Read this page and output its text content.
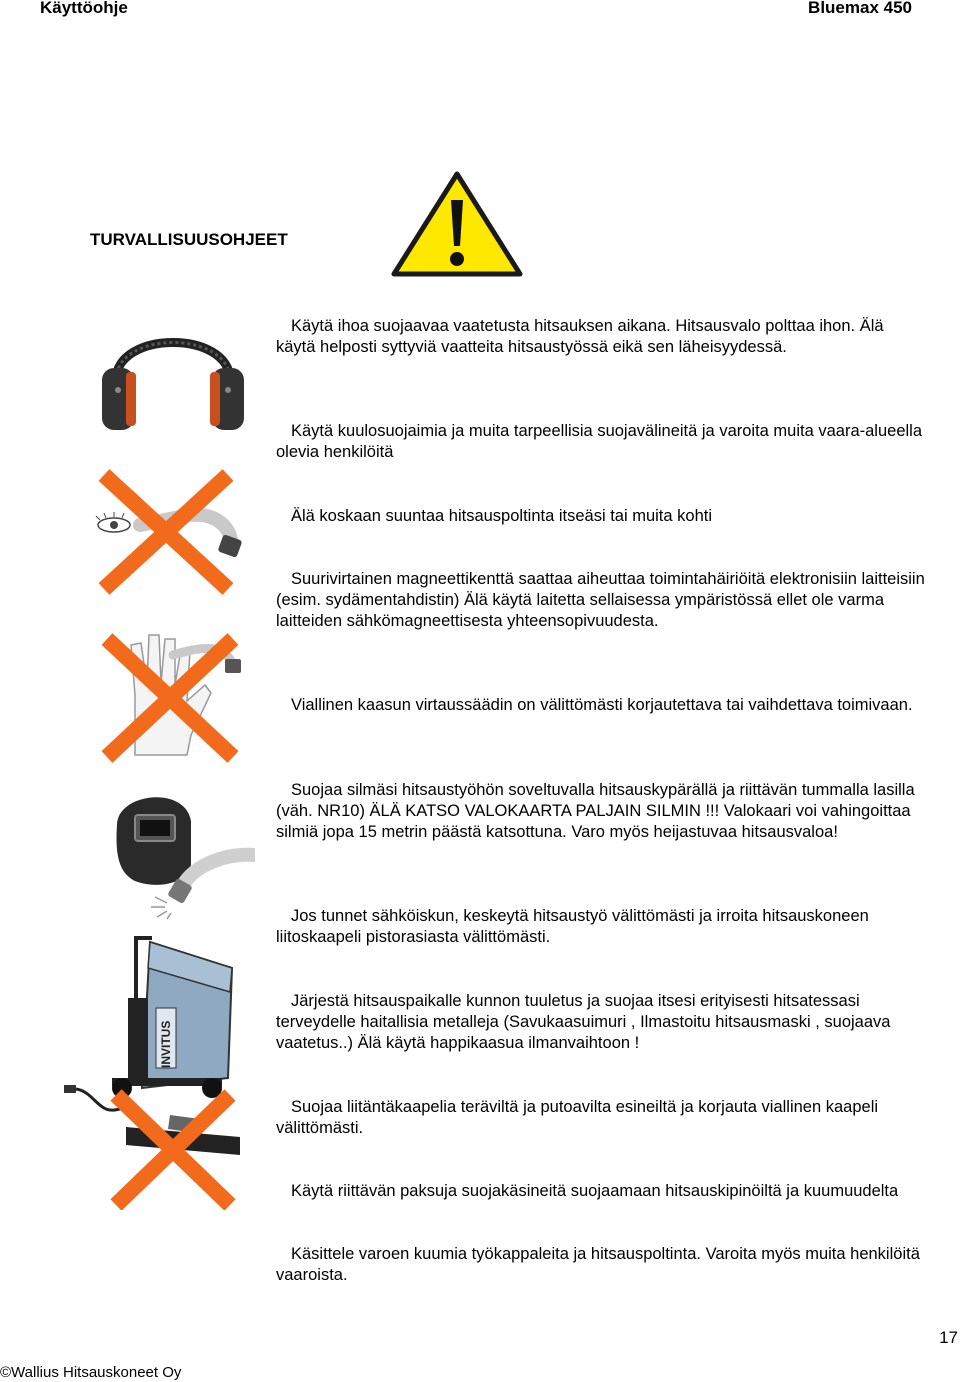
Käyttöohje	Bluemax 450
TURVALLISUUSOHJEET
INVITUS
Käytä ihoa suojaavaa vaatetusta hitsauksen aikana. Hitsausvalo polttaa ihon. Älä käytä helposti syttyviä vaatteita hitsaustyössä eikä sen läheisyydessä.
Käytä kuulosuojaimia ja muita tarpeellisia suojavälineitä ja varoita muita vaara-alueella olevia henkilöitä
Älä koskaan suuntaa hitsauspoltinta itseäsi tai muita kohti
Suurivirtainen magneettikenttä saattaa aiheuttaa toimintahäiriöitä elektronisiin laitteisiin (esim. sydämentahdistin) Älä käytä laitetta sellaisessa ympäristössä ellet ole varma laitteiden sähkömagneettisesta yhteensopivuudesta.
Viallinen kaasun virtaussäädin on välittömästi korjautettava tai vaihdettava toimivaan.
Suojaa silmäsi hitsaustyöhön soveltuvalla hitsauskypärällä ja riittävän tummalla lasilla (väh. NR10) ÄLÄ KATSO VALOKAARTA PALJAIN SILMIN !!! Valokaari voi vahingoittaa silmiä jopa 15 metrin päästä katsottuna. Varo myös heijastuvaa hitsausvaloa!
Jos tunnet sähköiskun, keskeytä hitsaustyö välittömästi ja irroita hitsauskoneen liitoskaapeli pistorasiasta välittömästi.
Järjestä hitsauspaikalle kunnon tuuletus ja suojaa itsesi erityisesti hitsatessasi terveydelle haitallisia metalleja (Savukaasuimuri , Ilmastoitu hitsausmaski , suojaava vaatetus..) Älä käytä happikaasua ilmanvaihtoon !
Suojaa liitäntäkaapelia teräviltä ja putoavilta esineiltä ja korjauta viallinen kaapeli välittömästi.
Käytä riittävän paksuja suojakäsineitä suojaamaan hitsauskipinöiltä ja kuumuudelta
Käsittele varoen kuumia työkappaleita ja hitsauspoltinta. Varoita myös muita henkilöitä vaaroista.
17
©Wallius Hitsauskoneet Oy
